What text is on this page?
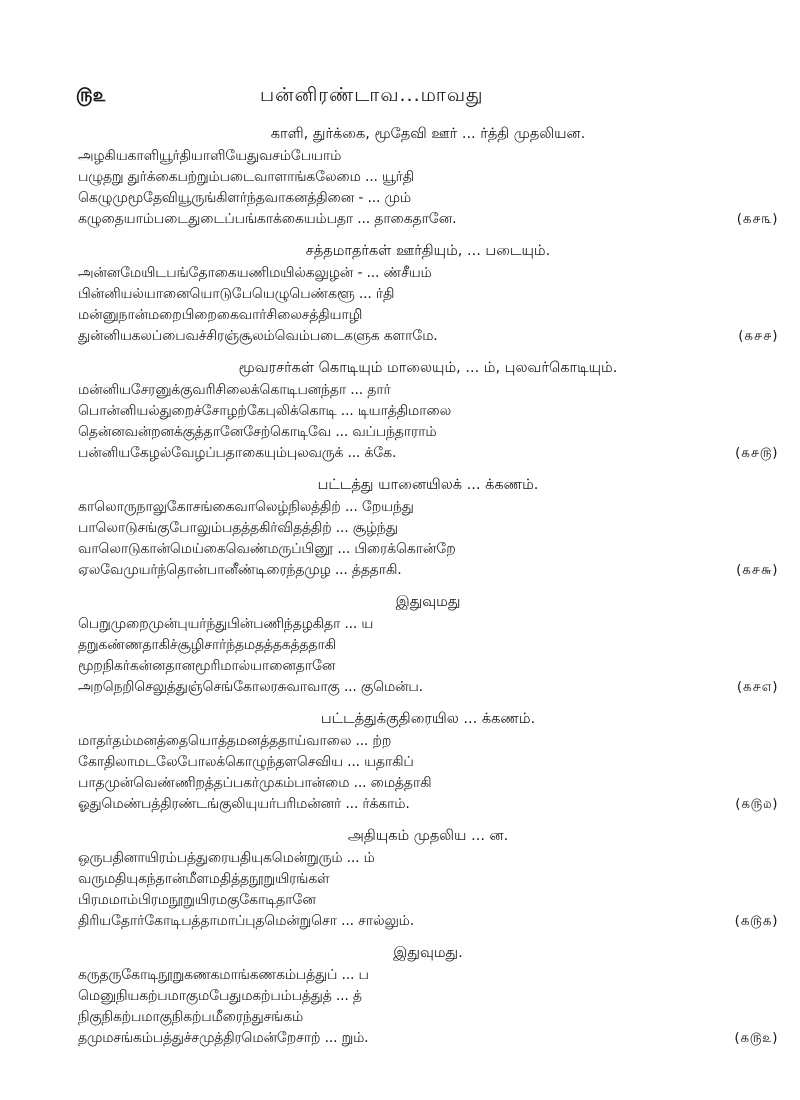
௫௨	பன்னிரண்டாவ...மாவது
காளி, துர்க்கை, மூதேவி ஊர் ... ர்த்தி முதலியன.
அழகியகாளியூர்தியாளியேதுவசம்பேயாம்
பழுதறு துர்க்கைபற்றும்படைவாளாங்கலேமை ... யூர்தி
கெழுமுமூதேவியூருங்கிளர்ந்தவாகனத்தினை - ... மும்
கழுதையாம்படைதுடைப்பங்காக்கையம்பதா ... தாகைதானே.	(௧௪௩)
சத்தமாதர்கள் ஊர்தியும், ... படையும்.
அன்னமேயிடபங்தோகையணிமயில்கலுழன் - ... ண்சீயம்
பின்னியல்யானையொடுபேயெழுபெண்களூ ... ர்தி
மன்னுநான்மறைபிறைகைவார்சிலைசத்தியாழி
துன்னியகலப்பைவச்சிரஞ்சூலம்வெம்படைகளுக களாமே.	(௧௪௪)
மூவரசர்கள் கொடியும் மாலையும், ... ம், புலவர்கொடியும்.
மன்னியசேரனுக்குவரிசிலைக்கொடிபனந்தா ... தார்
பொன்னியல்துறைச்சோழற்கேபுலிக்கொடி ... டியாத்திமாலை
தென்னவன்றனக்குத்தானேசேற்கொடிவே ... வப்பந்தாராம்
பன்னியகேழல்வேழப்பதாகையும்புலவருக் ... க்கே.	(௧௪௫)
பட்டத்து யானையிலக் ... க்கணம்.
காலொருநாலுகோசங்கைவாலெழ்நிலத்திற் ... றேயந்து
பாலொடுசங்குபோலும்பதத்தகிர்விதத்திற் ... சூழ்ந்து
வாலொடுகான்மெய்கைவெண்மருப்பினூ ... பிரைக்கொன்றே
ஏலவேமுயர்ந்தொன்பானீண்டிரைந்தமுழ ... த்ததாகி.	(௧௪௬)
இதுவுமது
பெறுமுறைமுன்புயர்ந்துபின்பணிந்தழகிதா ... ய
தறுகண்ணதாகிச்சூழிசார்ந்தமதத்தகத்ததாகி
மூறநிகர்கன்னதானமூரிமால்யானைதானே
அறநெறிசெலுத்துஞ்செங்கோலரசுவாவாகு ... குமென்ப.	(௧௪௭)
பட்டத்துக்குதிரையில ... க்கணம்.
மாதர்தம்மனத்தையொத்தமனத்ததாய்வாலை ... ற்ற
கோதிலாமடலேபோலக்கொழுந்தளசெவிய ... யதாகிப்
பாதமுன்வெண்ணிறத்தப்பகர்முகம்பான்மை ... மைத்தாகி
ஓதுமெண்பத்திரண்டங்குலியுயர்பரிமன்னர் ... ர்க்காம்.	(௧௫௰)
அதியுகம் முதலிய ... ன.
ஒருபதினாயிரம்பத்துரையதியுகமென்றுரும் ... ம்
வருமதியுகந்தான்மீளமதித்தநூறுயிரங்கள்
பிரமமாம்பிரமநூறுயிரமகுகோடிதானே
திரியதோர்கோடிபத்தாமாப்புதமென்றுசொ ... சால்லும்.	(௧௫௧)
இதுவுமது.
கருதருகோடிநூறுகணகமாங்கணகம்பத்துப் ... ப
மெனுநியகற்பமாகுமபேதுமகற்பம்பத்துத் ... த்
நிகுநிகற்பமாகுநிகற்பமீரைந்துசங்கம்
தமுமசங்கம்பத்துச்சமுத்திரமென்றேசாற் ... றும்.	(௧௫௨)
